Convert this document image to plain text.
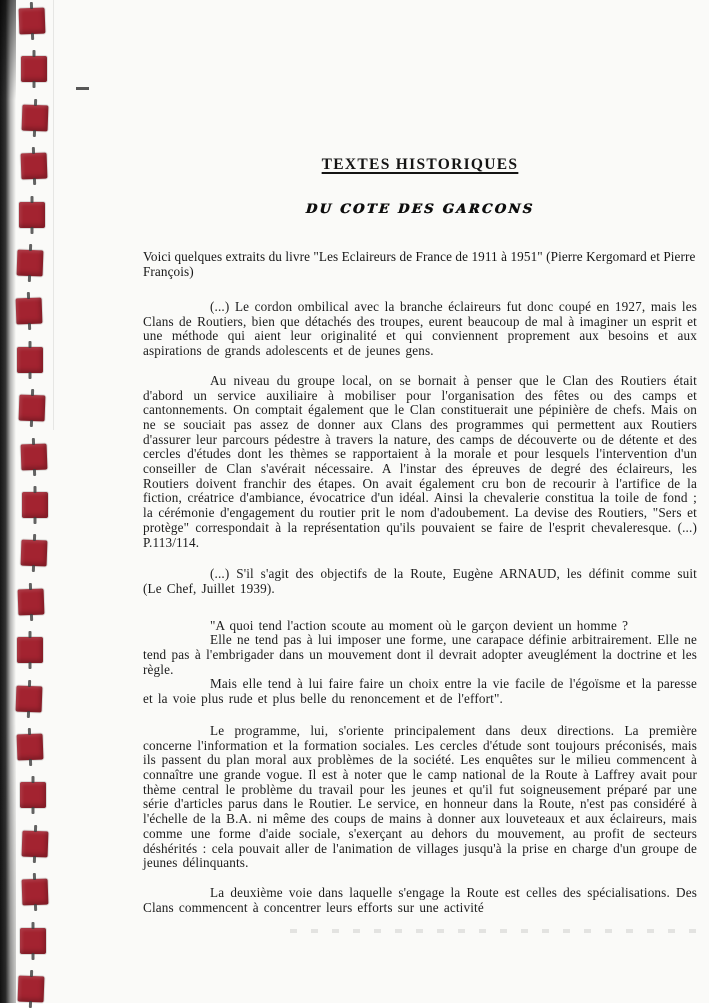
TEXTES HISTORIQUES
DU COTE DES GARCONS

Voici quelques extraits du livre "Les Eclaireurs de France de 1911 à 1951" (Pierre Kergomard et Pierre François)

(...) Le cordon ombilical avec la branche éclaireurs fut donc coupé en 1927, mais les Clans de Routiers, bien que détachés des troupes, eurent beaucoup de mal à imaginer un esprit et une méthode qui aient leur originalité et qui conviennent proprement aux besoins et aux aspirations de grands adolescents et de jeunes gens.

Au niveau du groupe local, on se bornait à penser que le Clan des Routiers était d'abord un service auxiliaire à mobiliser pour l'organisation des fêtes ou des camps et cantonnements. On comptait également que le Clan constituerait une pépinière de chefs. Mais on ne se souciait pas assez de donner aux Clans des programmes qui permettent aux Routiers d'assurer leur parcours pédestre à travers la nature, des camps de découverte ou de détente et des cercles d'études dont les thèmes se rapportaient à la morale et pour lesquels l'intervention d'un conseiller de Clan s'avérait nécessaire. A l'instar des épreuves de degré des éclaireurs, les Routiers doivent franchir des étapes. On avait également cru bon de recourir à l'artifice de la fiction, créatrice d'ambiance, évocatrice d'un idéal. Ainsi la chevalerie constitua la toile de fond ; la cérémonie d'engagement du routier prit le nom d'adoubement. La devise des Routiers, "Sers et protège" correspondait à la représentation qu'ils pouvaient se faire de l'esprit chevaleresque. (...) P.113/114.

(...) S'il s'agit des objectifs de la Route, Eugène ARNAUD, les définit comme suit (Le Chef, Juillet 1939).

"A quoi tend l'action scoute au moment où le garçon devient un homme ?

Elle ne tend pas à lui imposer une forme, une carapace définie arbitrairement. Elle ne tend pas à l'embrigader dans un mouvement dont il devrait adopter aveuglément la doctrine et les règle.

Mais elle tend à lui faire faire un choix entre la vie facile de l'égoïsme et la paresse et la voie plus rude et plus belle du renoncement et de l'effort".

Le programme, lui, s'oriente principalement dans deux directions. La première concerne l'information et la formation sociales. Les cercles d'étude sont toujours préconisés, mais ils passent du plan moral aux problèmes de la société. Les enquêtes sur le milieu commencent à connaître une grande vogue. Il est à noter que le camp national de la Route à Laffrey avait pour thème central le problème du travail pour les jeunes et qu'il fut soigneusement préparé par une série d'articles parus dans le Routier. Le service, en honneur dans la Route, n'est pas considéré à l'échelle de la B.A. ni même des coups de mains à donner aux louveteaux et aux éclaireurs, mais comme une forme d'aide sociale, s'exerçant au dehors du mouvement, au profit de secteurs déshérités : cela pouvait aller de l'animation de villages jusqu'à la prise en charge d'un groupe de jeunes délinquants.

La deuxième voie dans laquelle s'engage la Route est celles des spécialisations. Des Clans commencent à concentrer leurs efforts sur une activité
